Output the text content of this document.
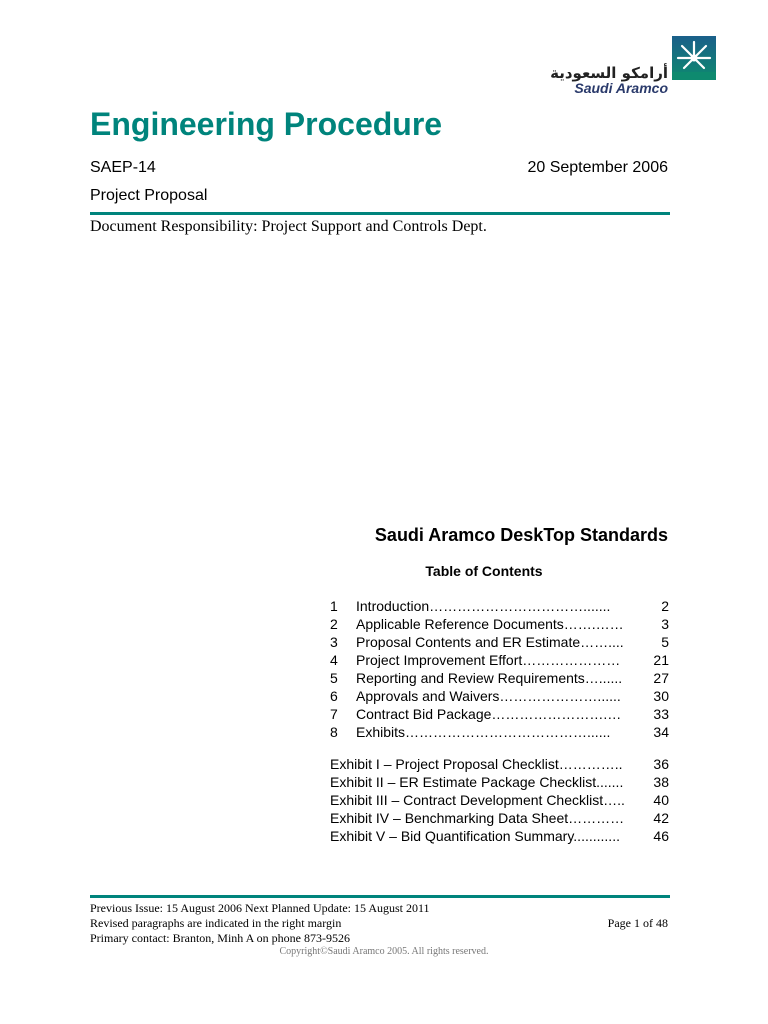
أرامكو السعودية
Saudi Aramco
Engineering Procedure
SAEP-14	20 September 2006
Project Proposal
Document Responsibility: Project Support and Controls Dept.
Saudi Aramco DeskTop Standards
Table of Contents
1	Introduction…………………………….......	2
2	Applicable Reference Documents…….……	3
3	Proposal Contents and ER Estimate……....	5
4	Project Improvement Effort…………………	21
5	Reporting and Review Requirements…......	27
6	Approvals and Waivers…………………......	30
7	Contract Bid Package…………………….…	33
8	Exhibits…………………………………......	34
Exhibit I – Project Proposal Checklist…………..	36
Exhibit II – ER Estimate Package Checklist.......	38
Exhibit III – Contract Development Checklist…..	40
Exhibit IV – Benchmarking Data Sheet…………	42
Exhibit V – Bid Quantification Summary............	46
Previous Issue: 15 August 2006 Next Planned Update: 15 August 2011
Revised paragraphs are indicated in the right margin
Primary contact: Branton, Minh A on phone 873-9526
Page 1 of 48
Copyright©Saudi Aramco 2005. All rights reserved.
